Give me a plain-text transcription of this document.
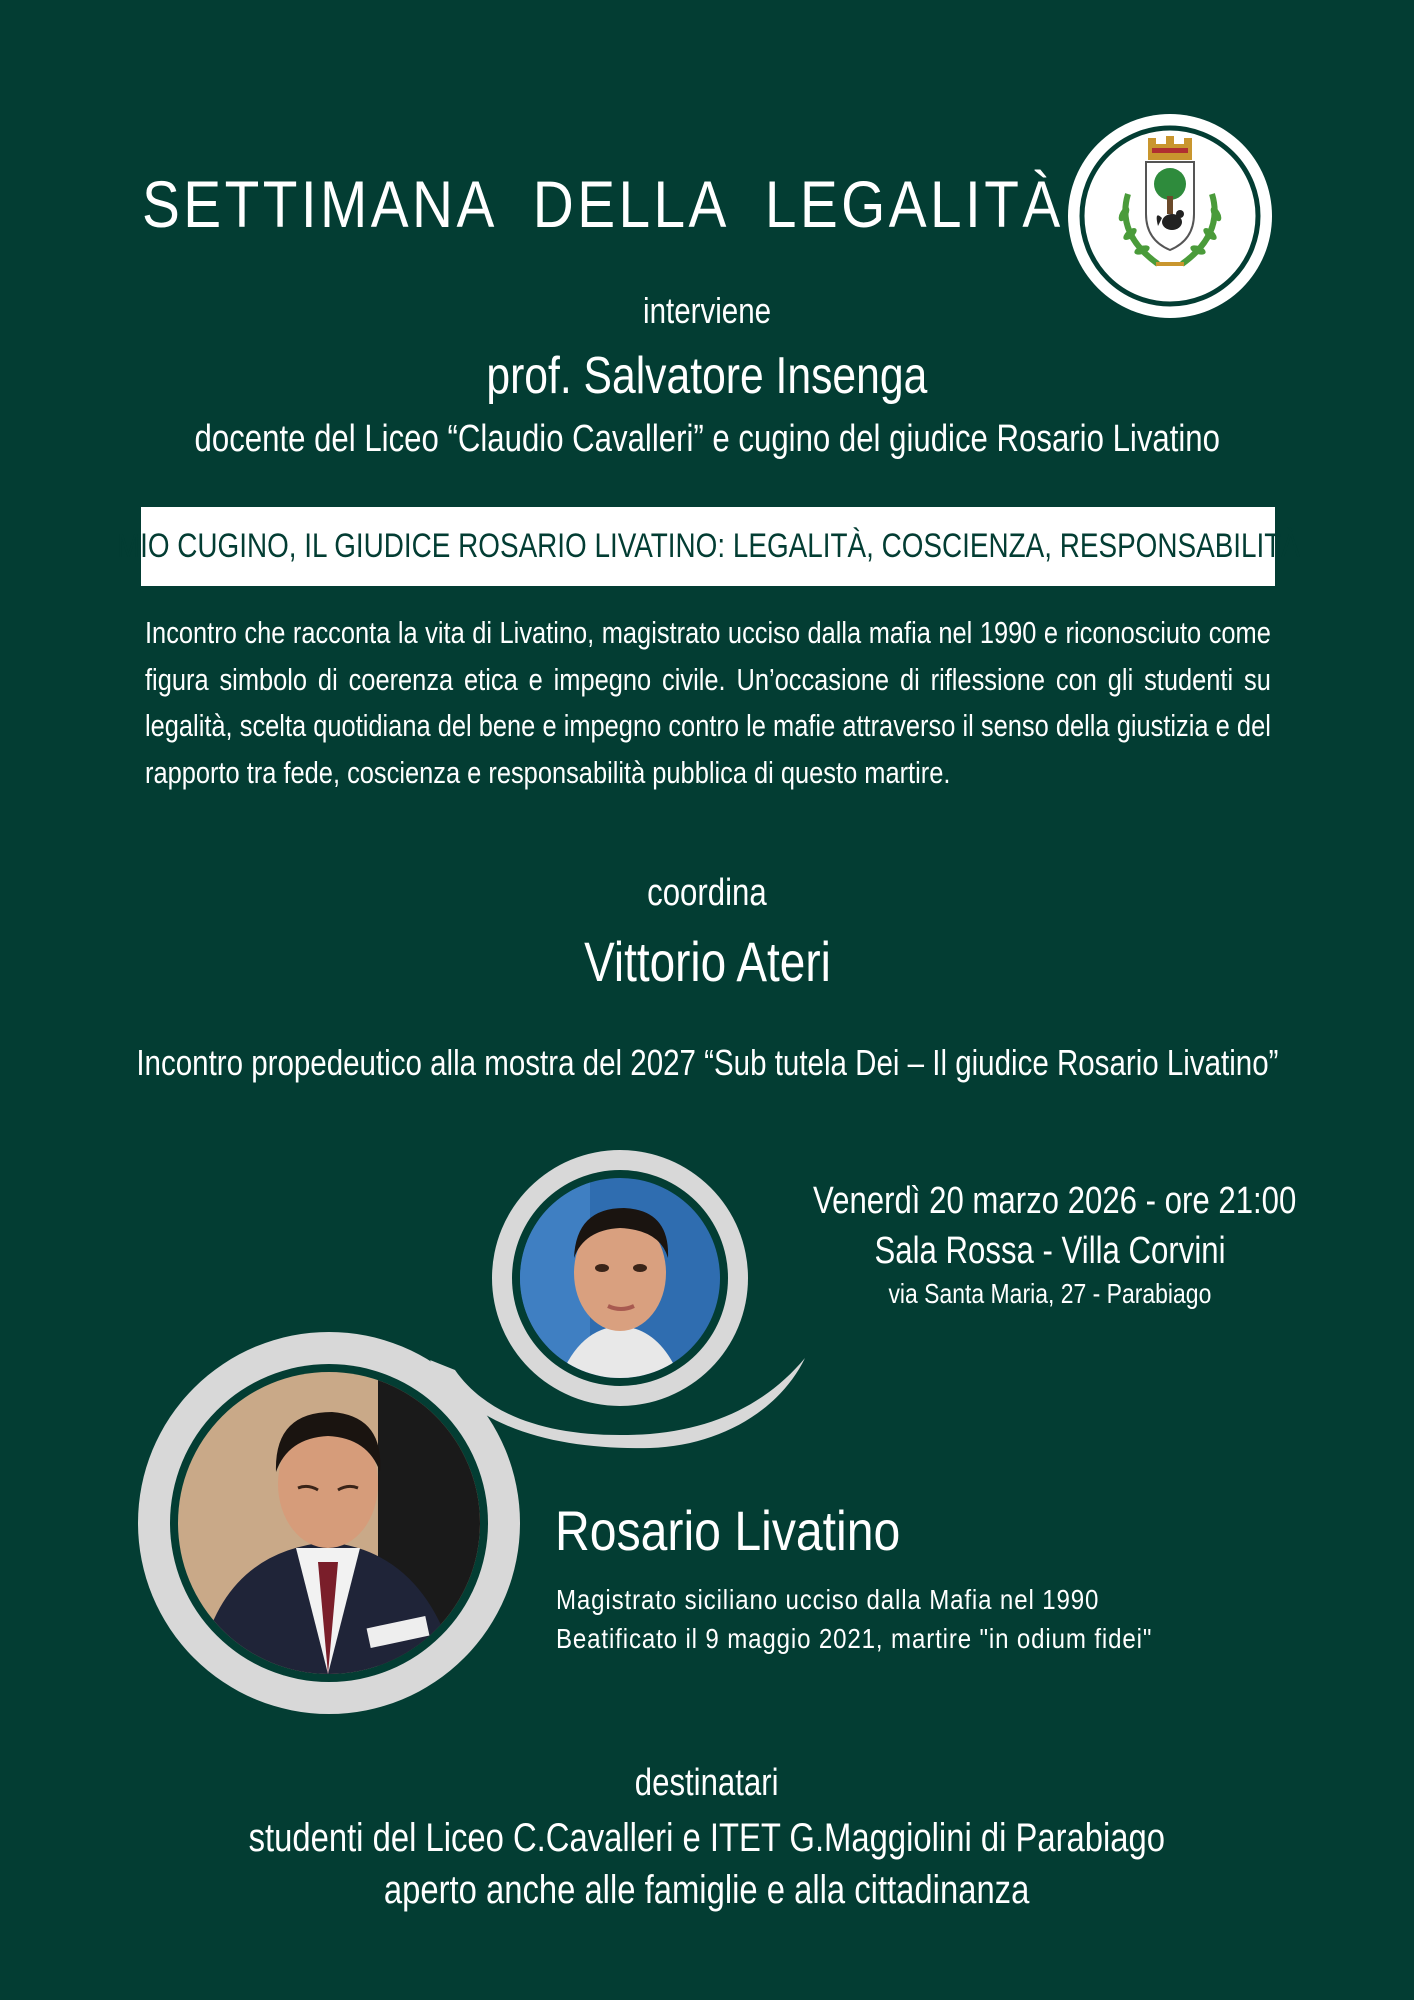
SETTIMANA DELLA LEGALITÀ
interviene
prof. Salvatore Insenga
docente del Liceo “Claudio Cavalleri” e cugino del giudice Rosario Livatino
MIO CUGINO, IL GIUDICE ROSARIO LIVATINO: LEGALITÀ, COSCIENZA, RESPONSABILITÀ
Incontro che racconta la vita di Livatino, magistrato ucciso dalla mafia nel 1990 e riconosciuto come figura simbolo di coerenza etica e impegno civile. Un’occasione di riflessione con gli studenti su legalità, scelta quotidiana del bene e impegno contro le mafie attraverso il senso della giustizia e del rapporto tra fede, coscienza e responsabilità pubblica di questo martire.
coordina
Vittorio Ateri
Incontro propedeutico alla mostra del 2027 “Sub tutela Dei – Il giudice Rosario Livatino”
Venerdì 20 marzo 2026 - ore 21:00
Sala Rossa - Villa Corvini
via Santa Maria, 27 - Parabiago
Rosario Livatino
Magistrato siciliano ucciso dalla Mafia nel 1990
Beatificato il 9 maggio 2021, martire "in odium fidei"
destinatari
studenti del Liceo C.Cavalleri e ITET G.Maggiolini di Parabiago
aperto anche alle famiglie e alla cittadinanza
